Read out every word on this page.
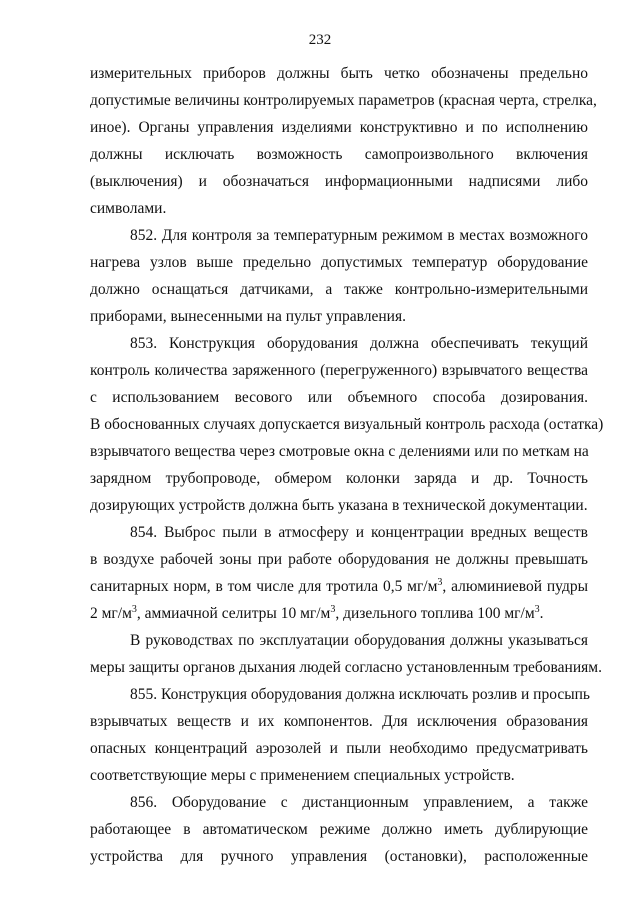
232
измерительных приборов должны быть четко обозначены предельно
допустимые величины контролируемых параметров (красная черта, стрелка,
иное). Органы управления изделиями конструктивно и по исполнению
должны исключать возможность самопроизвольного включения
(выключения) и обозначаться информационными надписями либо
символами.
852. Для контроля за температурным режимом в местах возможного
нагрева узлов выше предельно допустимых температур оборудование
должно оснащаться датчиками, а также контрольно-измерительными
приборами, вынесенными на пульт управления.
853. Конструкция оборудования должна обеспечивать текущий
контроль количества заряженного (перегруженного) взрывчатого вещества
с использованием весового или объемного способа дозирования.
В обоснованных случаях допускается визуальный контроль расхода (остатка)
взрывчатого вещества через смотровые окна с делениями или по меткам на
зарядном трубопроводе, обмером колонки заряда и др. Точность
дозирующих устройств должна быть указана в технической документации.
854. Выброс пыли в атмосферу и концентрации вредных веществ
в воздухе рабочей зоны при работе оборудования не должны превышать
санитарных норм, в том числе для тротила 0,5 $мг/м^3$, алюминиевой пудры
2 $мг/м^3$, аммиачной селитры 10 $мг/м^3$, дизельного топлива 100 $мг/м^3$.
В руководствах по эксплуатации оборудования должны указываться
меры защиты органов дыхания людей согласно установленным требованиям.
855. Конструкция оборудования должна исключать розлив и просыпь
взрывчатых веществ и их компонентов. Для исключения образования
опасных концентраций аэрозолей и пыли необходимо предусматривать
соответствующие меры с применением специальных устройств.
856. Оборудование с дистанционным управлением, а также
работающее в автоматическом режиме должно иметь дублирующие
устройства для ручного управления (остановки), расположенные
